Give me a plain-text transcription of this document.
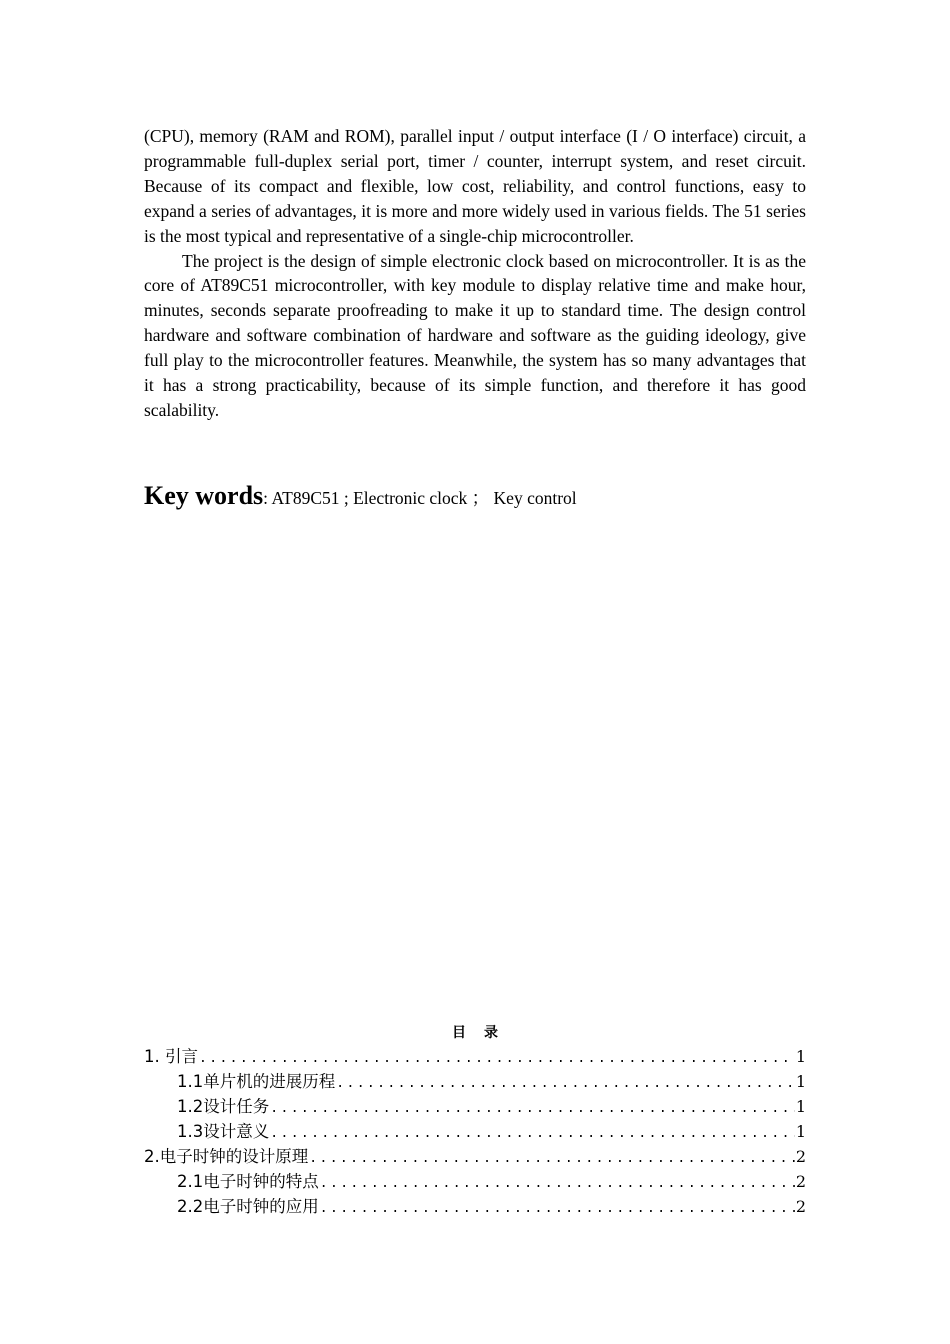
(CPU), memory (RAM and ROM), parallel input / output interface (I / O interface) circuit, a programmable full-duplex serial port, timer / counter, interrupt system, and reset circuit. Because of its compact and flexible, low cost, reliability, and control functions, easy to expand a series of advantages, it is more and more widely used in various fields. The 51 series is the most typical and representative of a single-chip microcontroller.

The project is the design of simple electronic clock based on microcontroller. It is as the core of AT89C51 microcontroller, with key module to display relative time and make hour, minutes, seconds separate proofreading to make it up to standard time. The design control hardware and software combination of hardware and software as the guiding ideology, give full play to the microcontroller features. Meanwhile, the system has so many advantages that it has a strong practicability, because of its simple function, and therefore it has good scalability.

Key words: AT89C51 ; Electronic clock ； Key control
目录
1. 引言 .....	1
1.1单片机的进展历程 .....	1
1.2设计任务 .....	1
1.3设计意义 .....	1
2.电子时钟的设计原理 .....	2
2.1电子时钟的特点 .....	2
2.2电子时钟的应用 .....	2
